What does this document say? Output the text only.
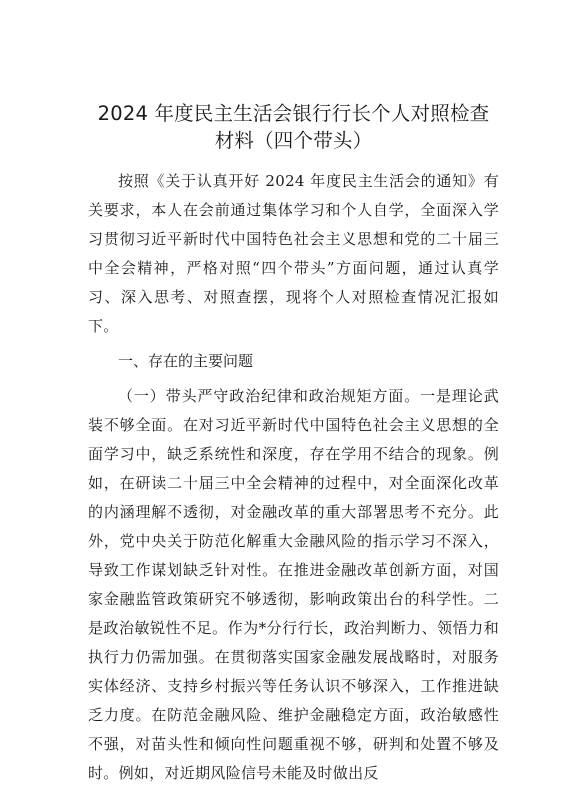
2024 年度民主生活会银行行长个人对照检查材料（四个带头）

按照《关于认真开好 2024 年度民主生活会的通知》有关要求，本人在会前通过集体学习和个人自学，全面深入学习贯彻习近平新时代中国特色社会主义思想和党的二十届三中全会精神，严格对照“四个带头”方面问题，通过认真学习、深入思考、对照查摆，现将个人对照检查情况汇报如下。

一、存在的主要问题

（一）带头严守政治纪律和政治规矩方面。一是理论武装不够全面。在对习近平新时代中国特色社会主义思想的全面学习中，缺乏系统性和深度，存在学用不结合的现象。例如，在研读二十届三中全会精神的过程中，对全面深化改革的内涵理解不透彻，对金融改革的重大部署思考不充分。此外，党中央关于防范化解重大金融风险的指示学习不深入，导致工作谋划缺乏针对性。在推进金融改革创新方面，对国家金融监管政策研究不够透彻，影响政策出台的科学性。二是政治敏锐性不足。作为*分行行长，政治判断力、领悟力和执行力仍需加强。在贯彻落实国家金融发展战略时，对服务实体经济、支持乡村振兴等任务认识不够深入，工作推进缺乏力度。在防范金融风险、维护金融稳定方面，政治敏感性不强，对苗头性和倾向性问题重视不够，研判和处置不够及时。例如，对近期风险信号未能及时做出反
